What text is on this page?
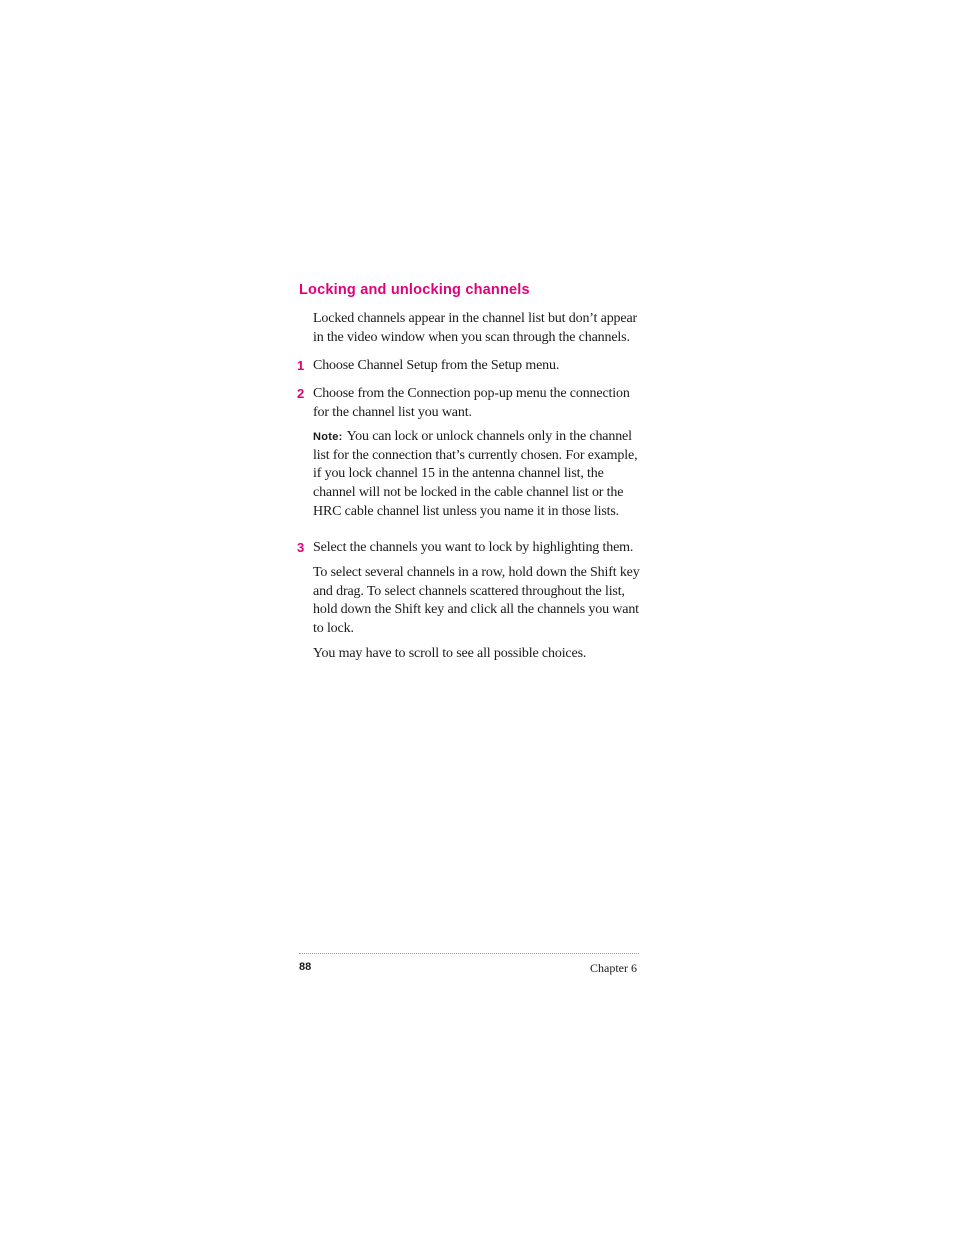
Locking and unlocking channels

Locked channels appear in the channel list but don’t appear in the video window when you scan through the channels.

1 Choose Channel Setup from the Setup menu.

2 Choose from the Connection pop-up menu the connection for the channel list you want.

Note: You can lock or unlock channels only in the channel list for the connection that’s currently chosen. For example, if you lock channel 15 in the antenna channel list, the channel will not be locked in the cable channel list or the HRC cable channel list unless you name it in those lists.

3 Select the channels you want to lock by highlighting them.

To select several channels in a row, hold down the Shift key and drag. To select channels scattered throughout the list, hold down the Shift key and click all the channels you want to lock.

You may have to scroll to see all possible choices.

88	Chapter 6
